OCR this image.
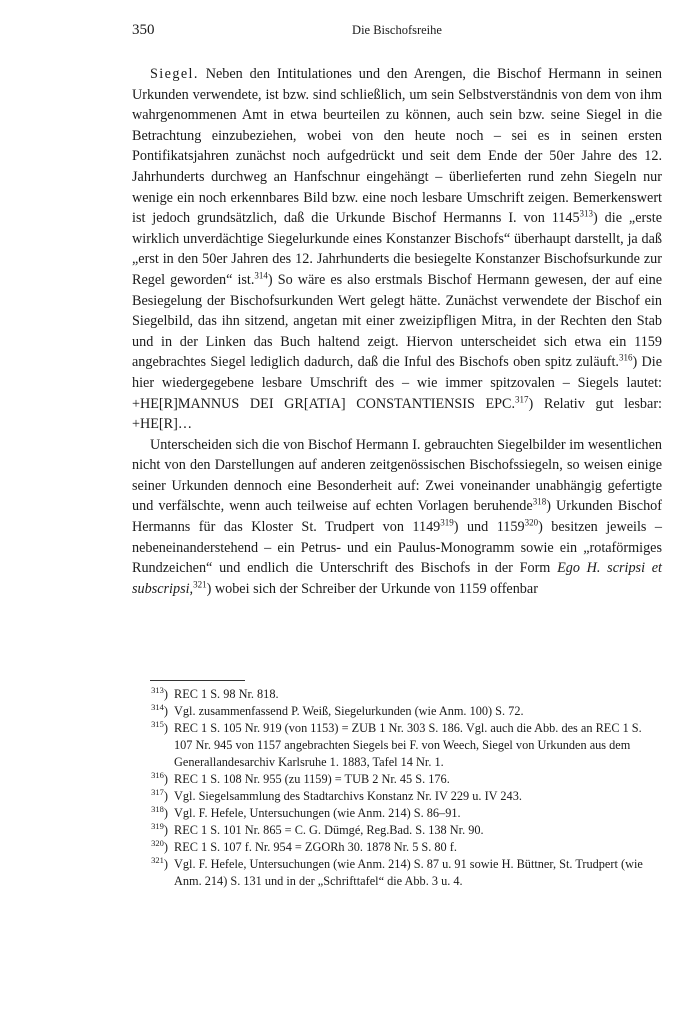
350	Die Bischofsreihe

Siegel. Neben den Intitulationes und den Arengen, die Bischof Hermann in seinen Urkunden verwendete, ist bzw. sind schließlich, um sein Selbstverständnis von dem von ihm wahrgenommenen Amt in etwa beurteilen zu können, auch sein bzw. seine Siegel in die Betrachtung einzubeziehen, wobei von den heute noch – sei es in seinen ersten Pontifikatsjahren zunächst noch aufgedrückt und seit dem Ende der 50er Jahre des 12. Jahrhunderts durchweg an Hanfschnur eingehängt – überlieferten rund zehn Siegeln nur wenige ein noch erkennbares Bild bzw. eine noch lesbare Umschrift zeigen. Bemerkenswert ist jedoch grundsätzlich, daß die Urkunde Bischof Hermanns I. von 1145$^{313}$) die „erste wirklich unverdächtige Siegelurkunde eines Konstanzer Bischofs“ überhaupt darstellt, ja daß „erst in den 50er Jahren des 12. Jahrhunderts die besiegelte Konstanzer Bischofsurkunde zur Regel geworden“ ist.$^{314}$) So wäre es also erstmals Bischof Hermann gewesen, der auf eine Besiegelung der Bischofsurkunden Wert gelegt hätte. Zunächst verwendete der Bischof ein Siegelbild, das ihn sitzend, angetan mit einer zweizipfligen Mitra, in der Rechten den Stab und in der Linken das Buch haltend zeigt. Hiervon unterscheidet sich etwa ein 1159 angebrachtes Siegel lediglich dadurch, daß die Inful des Bischofs oben spitz zuläuft.$^{316}$) Die hier wiedergegebene lesbare Umschrift des – wie immer spitzovalen – Siegels lautet: +HE[R]MANNUS DEI GR[ATIA] CONSTANTIENSIS EPC.$^{317}$) Relativ gut lesbar: +HE[R]…

Unterscheiden sich die von Bischof Hermann I. gebrauchten Siegelbilder im wesentlichen nicht von den Darstellungen auf anderen zeitgenössischen Bischofssiegeln, so weisen einige seiner Urkunden dennoch eine Besonderheit auf: Zwei voneinander unabhängig gefertigte und verfälschte, wenn auch teilweise auf echten Vorlagen beruhende$^{318}$) Urkunden Bischof Hermanns für das Kloster St. Trudpert von 1149$^{319}$) und 1159$^{320}$) besitzen jeweils – nebeneinanderstehend – ein Petrus- und ein Paulus-Monogramm sowie ein „rotaförmiges Rundzeichen“ und endlich die Unterschrift des Bischofs in der Form Ego H. scripsi et subscripsi,$^{321}$) wobei sich der Schreiber der Urkunde von 1159 offenbar

$^{313}$ ) REC 1 S. 98 Nr. 818.
$^{314}$ ) Vgl. zusammenfassend P. Weiß, Siegelurkunden (wie Anm. 100) S. 72.
$^{315}$ ) REC 1 S. 105 Nr. 919 (von 1153) = ZUB 1 Nr. 303 S. 186. Vgl. auch die Abb. des an REC 1 S. 107 Nr. 945 von 1157 angebrachten Siegels bei F. von Weech, Siegel von Urkunden aus dem Generallandesarchiv Karlsruhe 1. 1883, Tafel 14 Nr. 1.
$^{316}$ ) REC 1 S. 108 Nr. 955 (zu 1159) = TUB 2 Nr. 45 S. 176.
$^{317}$ ) Vgl. Siegelsammlung des Stadtarchivs Konstanz Nr. IV 229 u. IV 243.
$^{318}$ ) Vgl. F. Hefele, Untersuchungen (wie Anm. 214) S. 86–91.
$^{319}$ ) REC 1 S. 101 Nr. 865 = C. G. Dümgé, Reg.Bad. S. 138 Nr. 90.
$^{320}$ ) REC 1 S. 107 f. Nr. 954 = ZGORh 30. 1878 Nr. 5 S. 80 f.
$^{321}$ ) Vgl. F. Hefele, Untersuchungen (wie Anm. 214) S. 87 u. 91 sowie H. Büttner, St. Trudpert (wie Anm. 214) S. 131 und in der „Schrifttafel“ die Abb. 3 u. 4.
